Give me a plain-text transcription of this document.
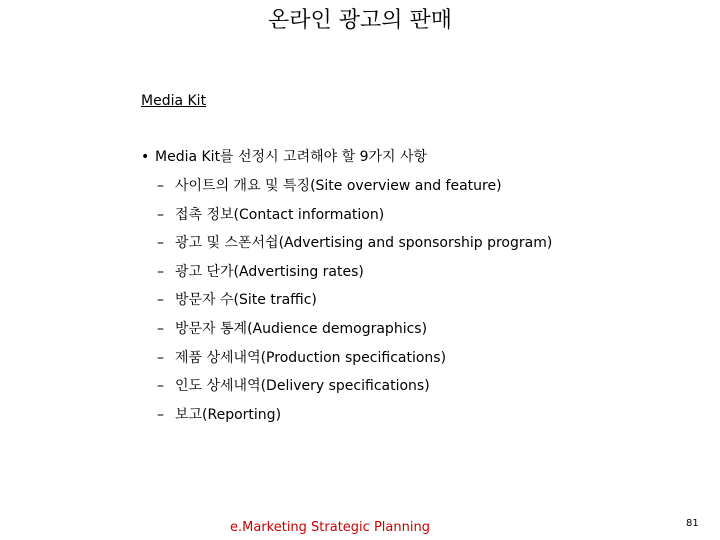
온라인 광고의 판매
Media Kit
• Media Kit를 선정시 고려해야 할 9가지 사항
– 사이트의 개요 및 특징(Site overview and feature)
– 접촉 정보(Contact information)
– 광고 및 스폰서쉽(Advertising and sponsorship program)
– 광고 단가(Advertising rates)
– 방문자 수(Site traffic)
– 방문자 통계(Audience demographics)
– 제품 상세내역(Production specifications)
– 인도 상세내역(Delivery specifications)
– 보고(Reporting)
e.Marketing Strategic Planning	81
